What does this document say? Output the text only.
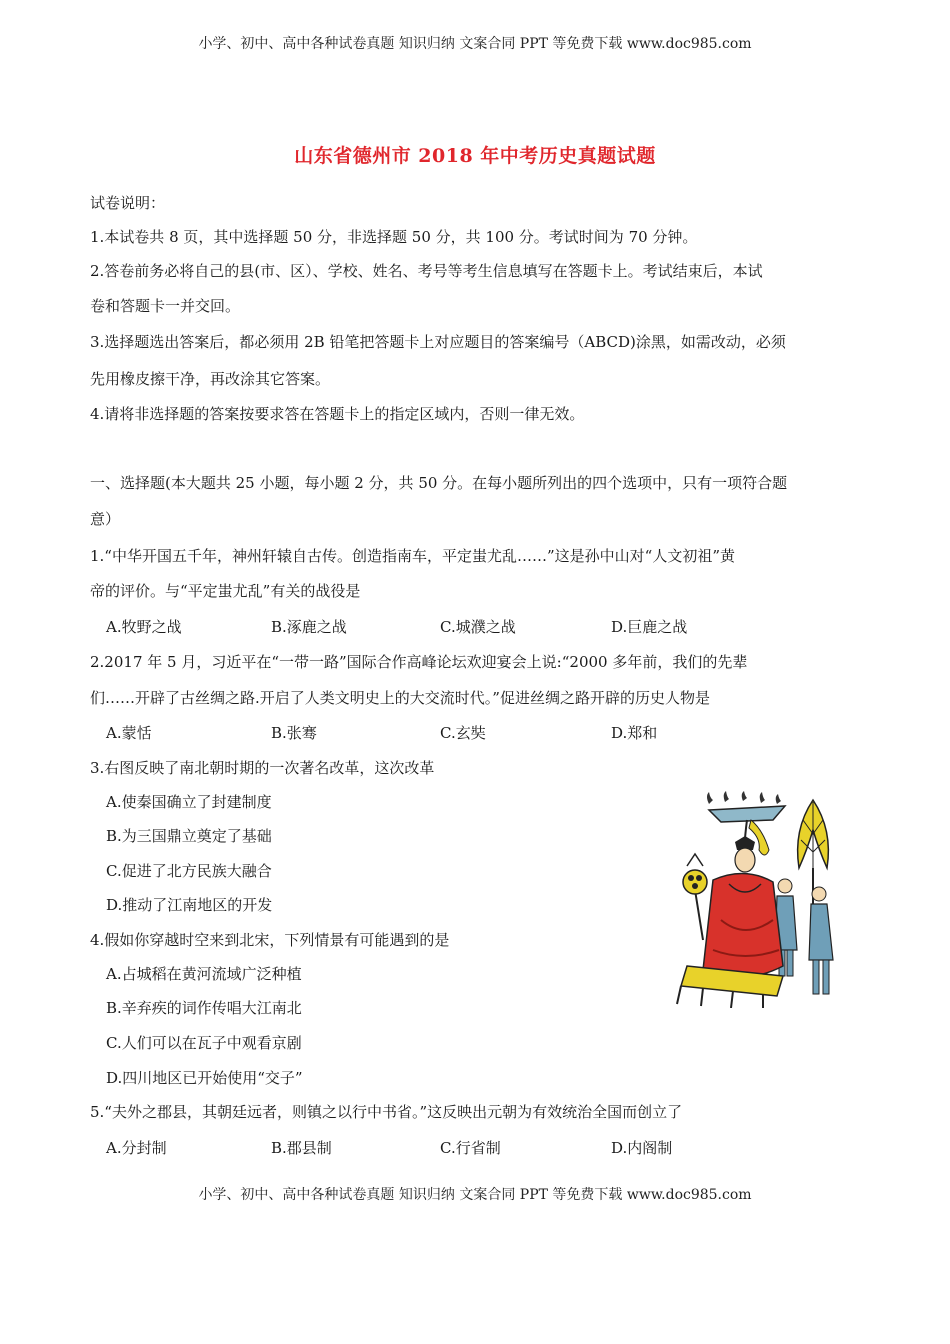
小学、初中、高中各种试卷真题 知识归纳 文案合同 PPT 等免费下载 www.doc985.com
山东省德州市 2018 年中考历史真题试题
试卷说明：
1.本试卷共 8 页，其中选择题 50 分，非选择题 50 分，共 100 分。考试时间为 70 分钟。
2.答卷前务必将自己的县(市、区）、学校、姓名、考号等考生信息填写在答题卡上。考试结束后，本试
卷和答题卡一并交回。
3.选择题选出答案后，都必须用 2B 铅笔把答题卡上对应题目的答案编号（ABCD)涂黑，如需改动，必须
先用橡皮擦干净，再改涂其它答案。
4.请将非选择题的答案按要求答在答题卡上的指定区域内，否则一律无效。
一、选择题(本大题共 25 小题，每小题 2 分，共 50 分。在每小题所列出的四个选项中，只有一项符合题
意）
1.“中华开国五千年，神州轩辕自古传。创造指南车，平定蚩尤乱……”这是孙中山对“人文初祖”黄
帝的评价。与“平定蚩尤乱”有关的战役是
A.牧野之战	B.涿鹿之战	C.城濮之战	D.巨鹿之战
2.2017 年 5 月，习近平在“一带一路”国际合作高峰论坛欢迎宴会上说:“2000 多年前，我们的先辈
们……开辟了古丝绸之路.开启了人类文明史上的大交流时代。”促进丝绸之路开辟的历史人物是
A.蒙恬	B.张骞	C.玄奘	D.郑和
3.右图反映了南北朝时期的一次著名改革，这次改革
A.使秦国确立了封建制度
B.为三国鼎立奠定了基础
C.促进了北方民族大融合
D.推动了江南地区的开发
4.假如你穿越时空来到北宋，下列情景有可能遇到的是
A.占城稻在黄河流域广泛种植
B.辛弃疾的词作传唱大江南北
C.人们可以在瓦子中观看京剧
D.四川地区已开始使用“交子”
5.“夫外之郡县，其朝廷远者，则镇之以行中书省。”这反映出元朝为有效统治全国而创立了
A.分封制	B.郡县制	C.行省制	D.内阁制
小学、初中、高中各种试卷真题 知识归纳 文案合同 PPT 等免费下载 www.doc985.com
